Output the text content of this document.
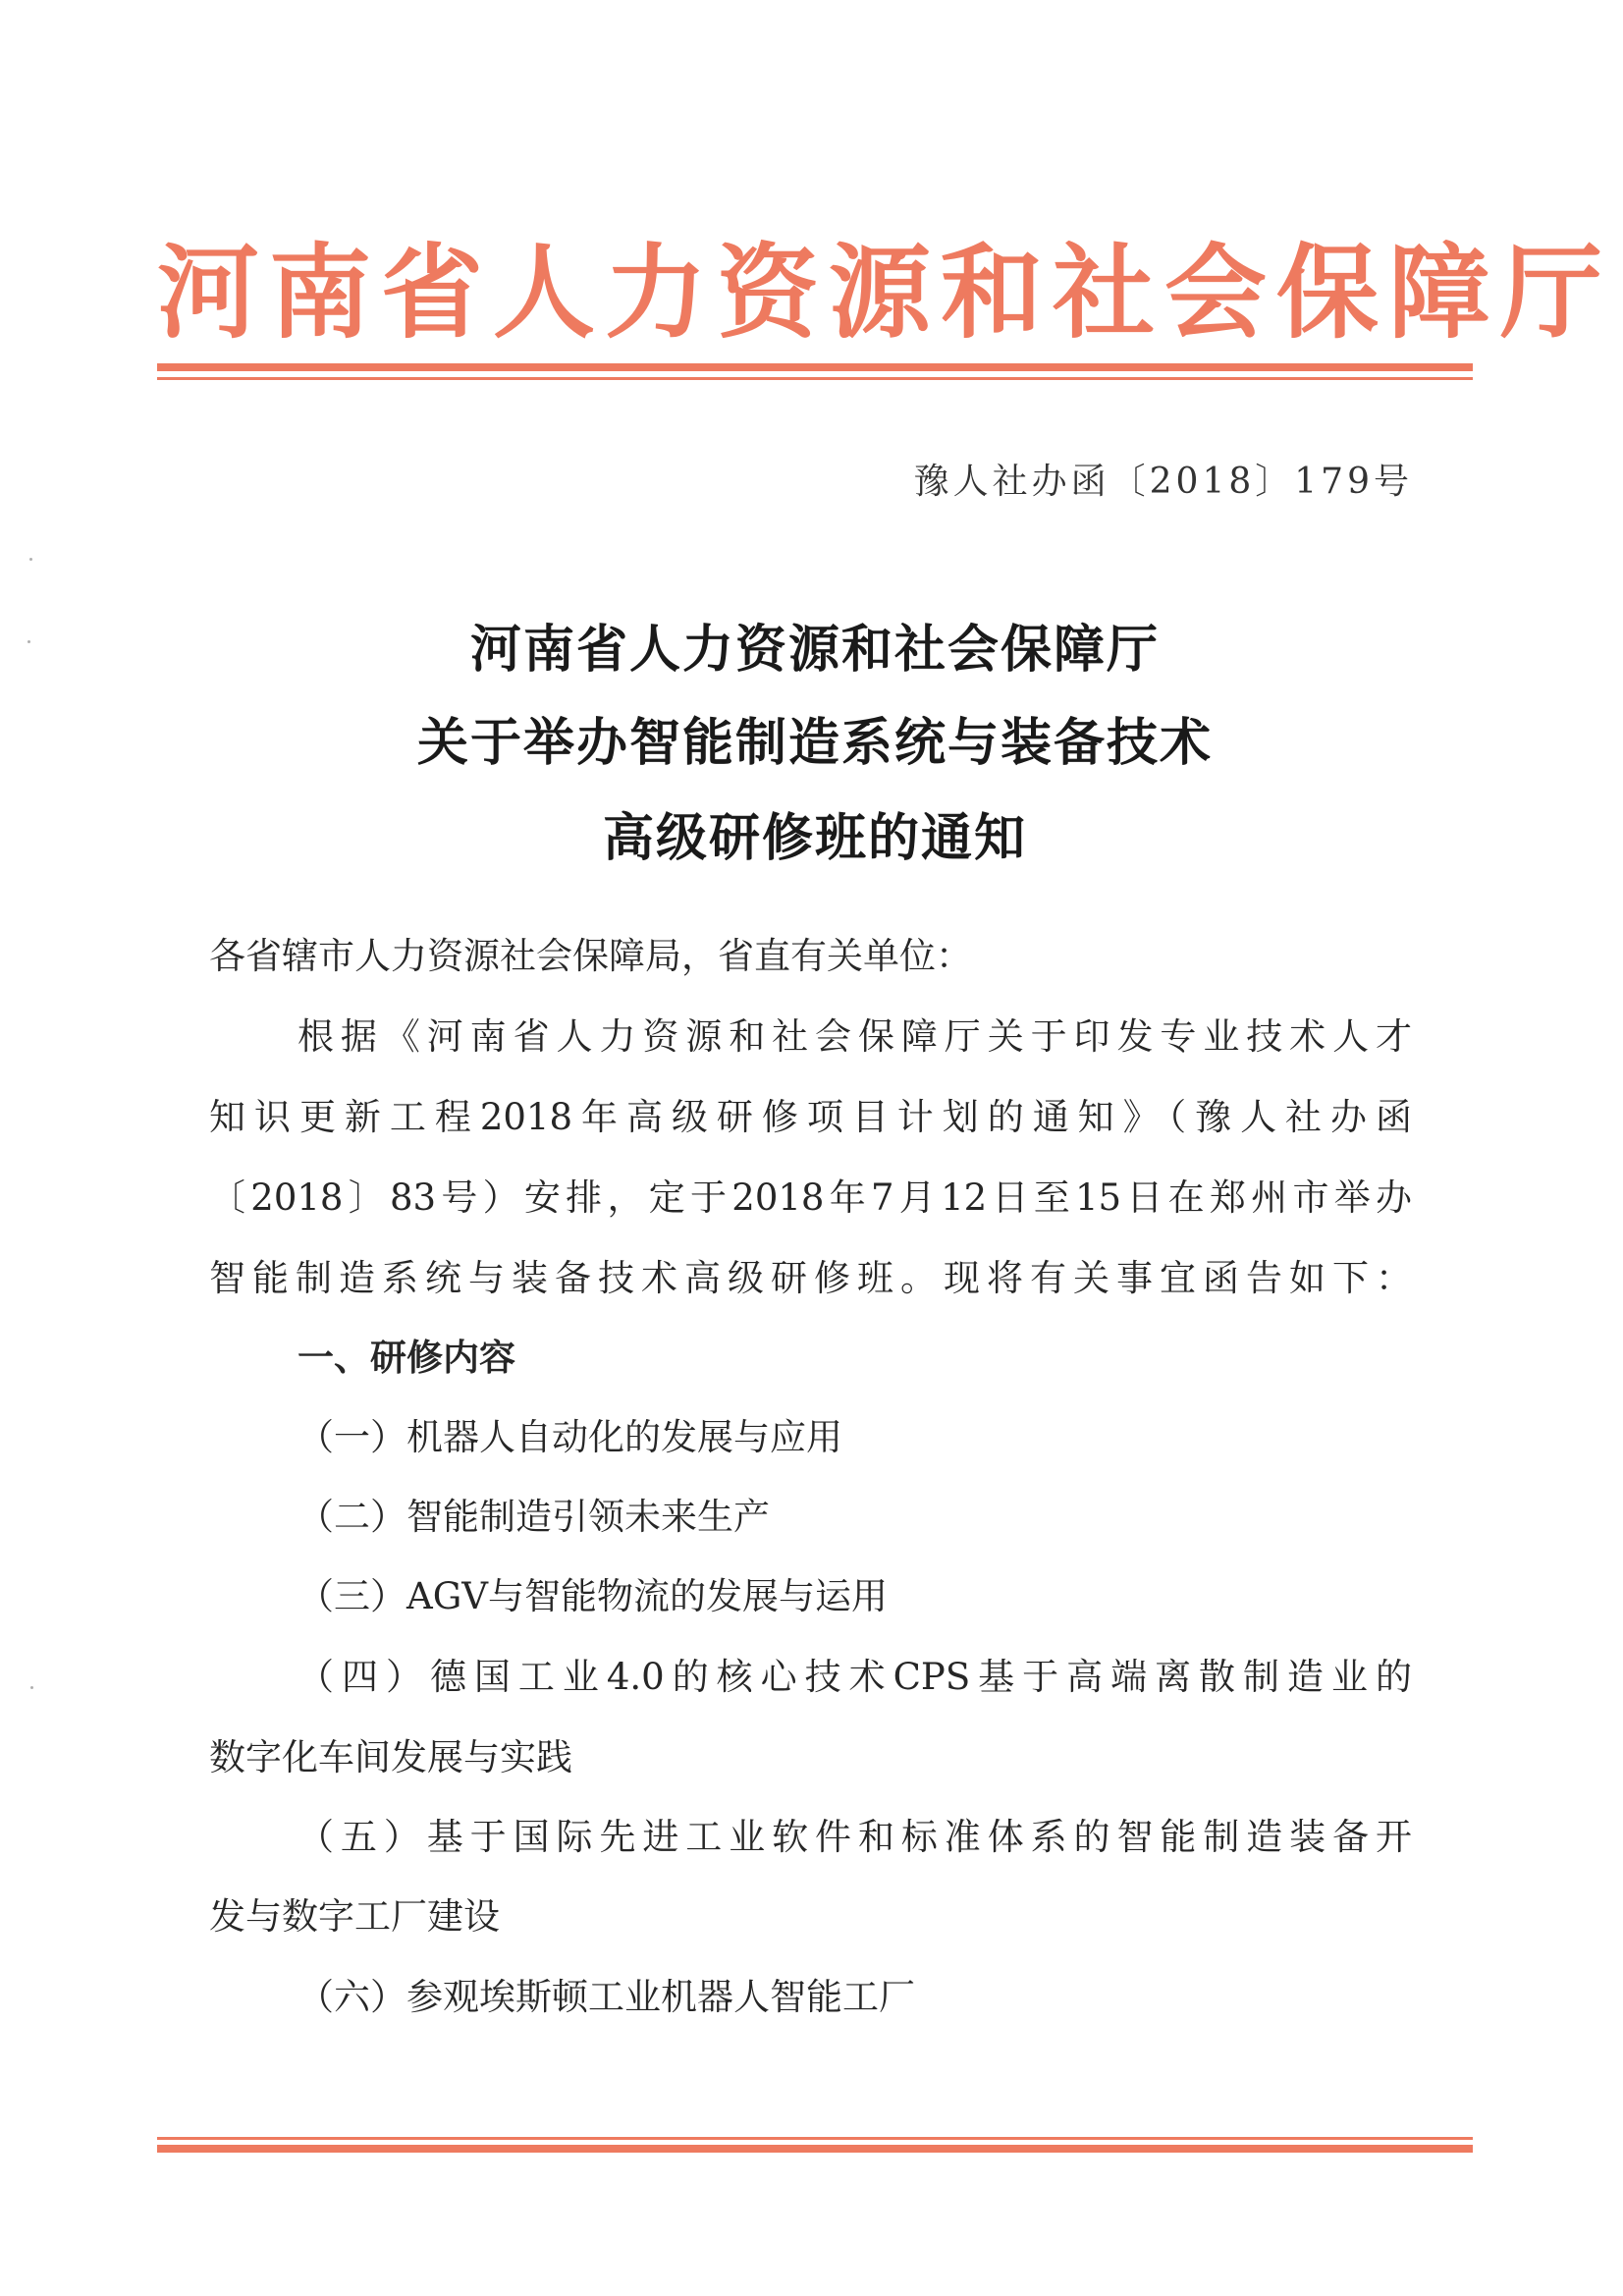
河南省人力资源和社会保障厅
豫人社办函〔2018〕179号
河南省人力资源和社会保障厅
关于举办智能制造系统与装备技术
高级研修班的通知
各省辖市人力资源社会保障局，省直有关单位：
根据《河南省人力资源和社会保障厅关于印发专业技术人才
知识更新工程2018年高级研修项目计划的通知》（豫人社办函
〔2018〕83号）安排，定于2018年7月12日至15日在郑州市举办
智能制造系统与装备技术高级研修班。现将有关事宜函告如下：
一、研修内容
（一）机器人自动化的发展与应用
（二）智能制造引领未来生产
（三）AGV与智能物流的发展与运用
（四）德国工业4.0的核心技术CPS基于高端离散制造业的
数字化车间发展与实践
（五）基于国际先进工业软件和标准体系的智能制造装备开
发与数字工厂建设
（六）参观埃斯顿工业机器人智能工厂
